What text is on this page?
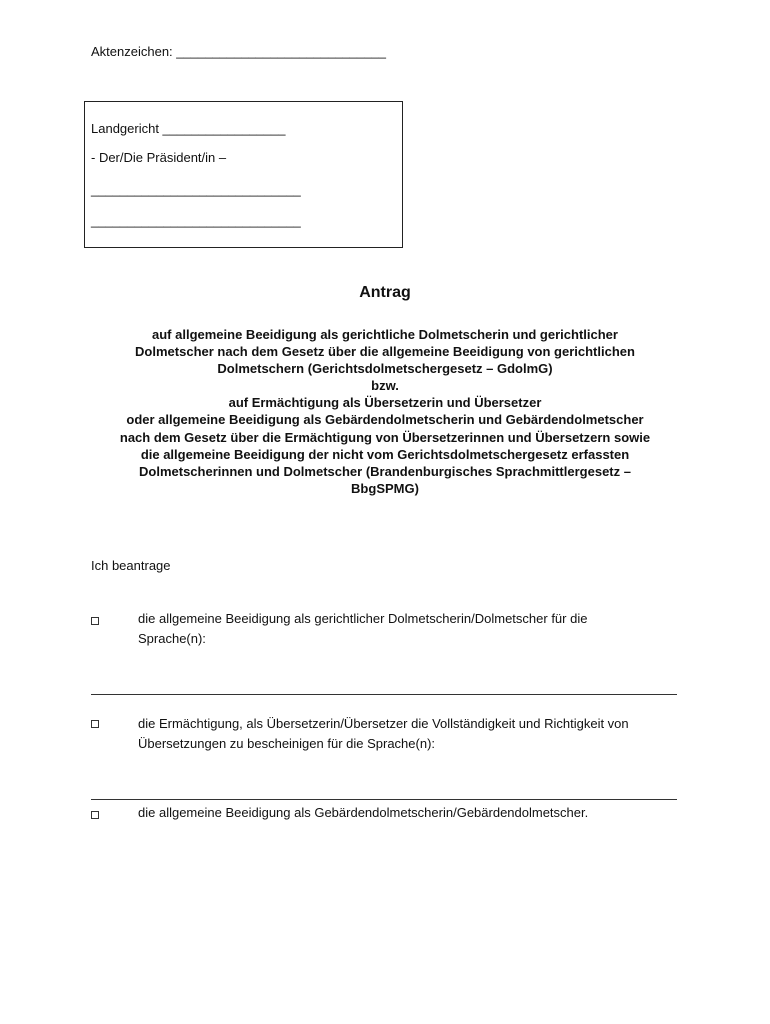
Aktenzeichen: _____________________________
Landgericht _________________
- Der/Die Präsident/in –
_____________________________
_____________________________
Antrag
auf allgemeine Beeidigung als gerichtliche Dolmetscherin und gerichtlicher
Dolmetscher nach dem Gesetz über die allgemeine Beeidigung von gerichtlichen
Dolmetschern (Gerichtsdolmetschergesetz – GdolmG)
bzw.
auf Ermächtigung als Übersetzerin und Übersetzer
oder allgemeine Beeidigung als Gebärdendolmetscherin und Gebärdendolmetscher
nach dem Gesetz über die Ermächtigung von Übersetzerinnen und Übersetzern sowie
die allgemeine Beeidigung der nicht vom Gerichtsdolmetschergesetz erfassten
Dolmetscherinnen und Dolmetscher (Brandenburgisches Sprachmittlergesetz –
BbgSPMG)
Ich beantrage
die allgemeine Beeidigung als gerichtlicher Dolmetscherin/Dolmetscher für die
Sprache(n):
die Ermächtigung, als Übersetzerin/Übersetzer die Vollständigkeit und Richtigkeit von
Übersetzungen zu bescheinigen für die Sprache(n):
die allgemeine Beeidigung als Gebärdendolmetscherin/Gebärdendolmetscher.
